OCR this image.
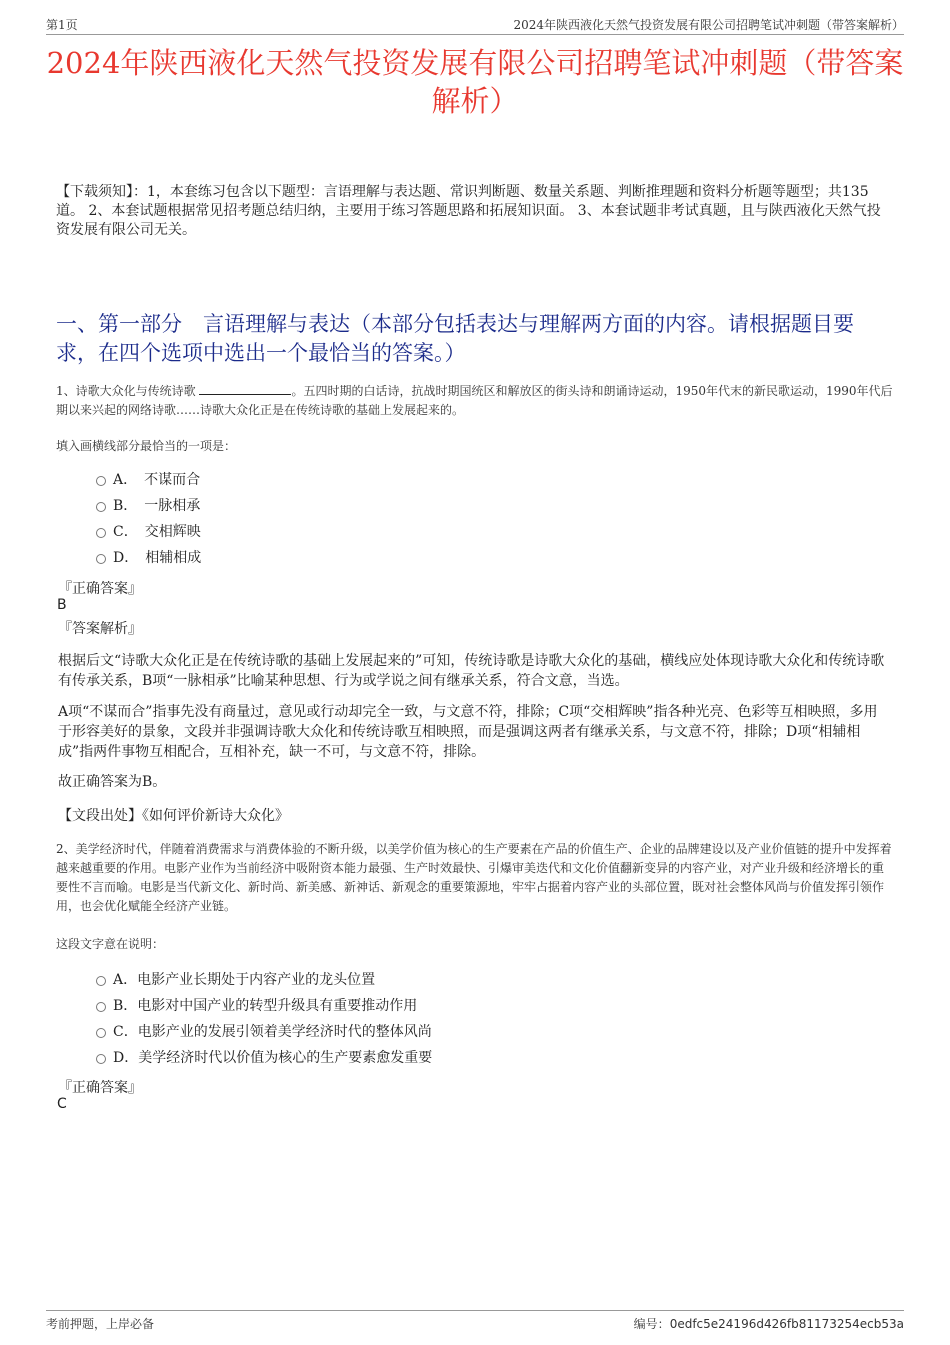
第1页	2024年陕西液化天然气投资发展有限公司招聘笔试冲刺题（带答案解析）
2024年陕西液化天然气投资发展有限公司招聘笔试冲刺题（带答案解析）

【下载须知】：1，本套练习包含以下题型：言语理解与表达题、常识判断题、数量关系题、判断推理题和资料分析题等题型；共135道。 2、本套试题根据常见招考题总结归纳，主要用于练习答题思路和拓展知识面。 3、本套试题非考试真题，且与陕西液化天然气投资发展有限公司无关。

一、第一部分　言语理解与表达（本部分包括表达与理解两方面的内容。请根据题目要求，在四个选项中选出一个最恰当的答案。）

1、诗歌大众化与传统诗歌	。五四时期的白话诗，抗战时期国统区和解放区的街头诗和朗诵诗运动，1950年代末的新民歌运动，1990年代后期以来兴起的网络诗歌……诗歌大众化正是在传统诗歌的基础上发展起来的。

填入画横线部分最恰当的一项是：

A．　不谋而合
B．　一脉相承
C．　交相辉映
D．　相辅相成

『正确答案』

B

『答案解析』

根据后文“诗歌大众化正是在传统诗歌的基础上发展起来的”可知，传统诗歌是诗歌大众化的基础，横线应处体现诗歌大众化和传统诗歌有传承关系，B项“一脉相承”比喻某种思想、行为或学说之间有继承关系，符合文意，当选。

A项“不谋而合”指事先没有商量过，意见或行动却完全一致，与文意不符，排除；C项“交相辉映”指各种光亮、色彩等互相映照，多用于形容美好的景象，文段并非强调诗歌大众化和传统诗歌互相映照，而是强调这两者有继承关系，与文意不符，排除；D项“相辅相成”指两件事物互相配合，互相补充，缺一不可，与文意不符，排除。

故正确答案为B。

【文段出处】《如何评价新诗大众化》

2、美学经济时代，伴随着消费需求与消费体验的不断升级，以美学价值为核心的生产要素在产品的价值生产、企业的品牌建设以及产业价值链的提升中发挥着越来越重要的作用。电影产业作为当前经济中吸附资本能力最强、生产时效最快、引爆审美迭代和文化价值翻新变异的内容产业，对产业升级和经济增长的重要性不言而喻。电影是当代新文化、新时尚、新美感、新神话、新观念的重要策源地，牢牢占据着内容产业的头部位置，既对社会整体风尚与价值发挥引领作用，也会优化赋能全经济产业链。

这段文字意在说明：

A．电影产业长期处于内容产业的龙头位置
B．电影对中国产业的转型升级具有重要推动作用
C．电影产业的发展引领着美学经济时代的整体风尚
D．美学经济时代以价值为核心的生产要素愈发重要

『正确答案』

C

考前押题，上岸必备	编号：0edfc5e24196d426fb81173254ecb53a
